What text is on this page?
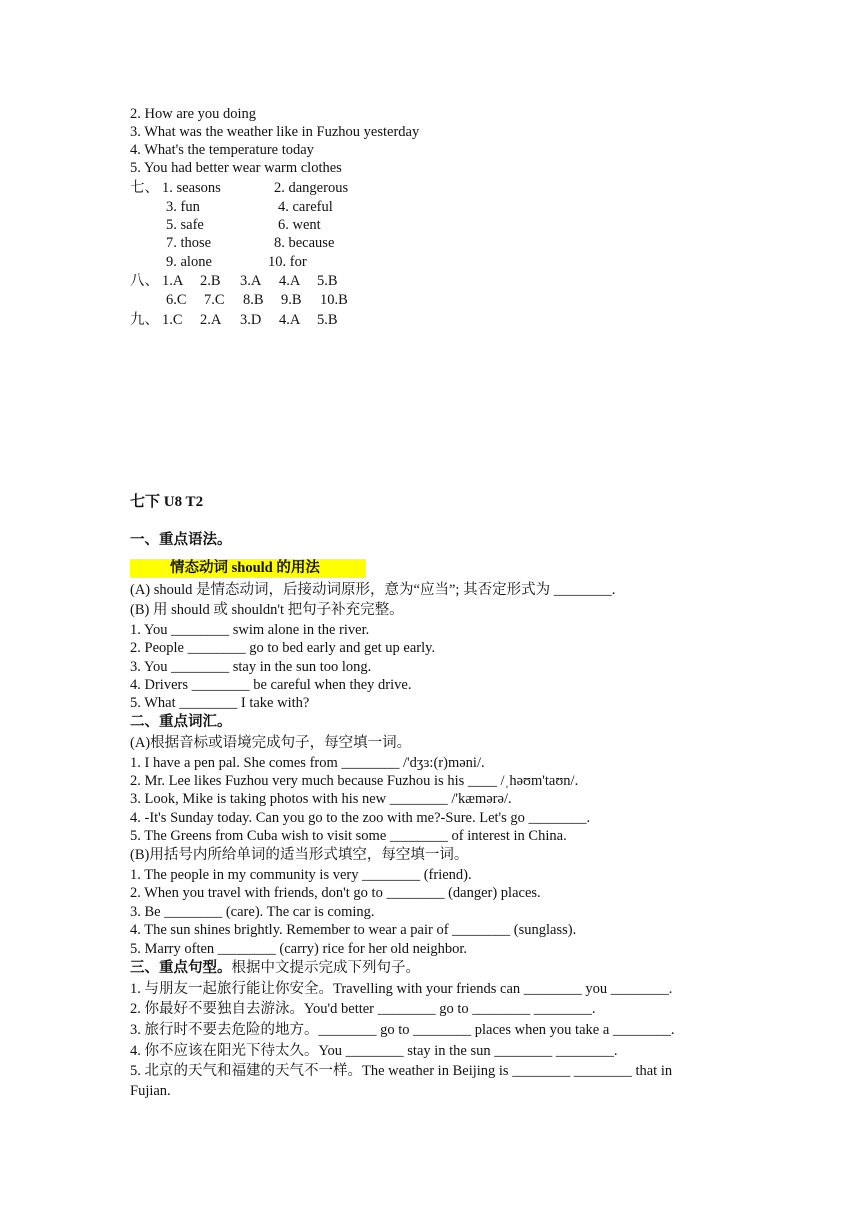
2. How are you doing
3. What was the weather like in Fuzhou yesterday
4. What's the temperature today
5. You had better wear warm clothes
七、 1. seasons	2. dangerous
3. fun	4. careful
5. safe	6. went
7. those	8. because
9. alone	10. for
八、 1.A 2.B 3.A 4.A 5.B
6.C 7.C 8.B 9.B 10.B
九、 1.C 2.A 3.D 4.A 5.B
七下 U8 T2
一、重点语法。
情态动词 should 的用法
(A) should 是情态动词，后接动词原形，意为“应当”; 其否定形式为 ________.
(B) 用 should 或 shouldn't 把句子补充完整。
1. You ________ swim alone in the river.
2. People ________ go to bed early and get up early.
3. You ________ stay in the sun too long.
4. Drivers ________ be careful when they drive.
5. What ________ I take with?
二、重点词汇。
(A)根据音标或语境完成句子，每空填一词。
1. I have a pen pal. She comes from ________ /'dʒɜ:(r)məni/.
2. Mr. Lee likes Fuzhou very much because Fuzhou is his ____ /ˌhəʊm'taʊn/.
3. Look, Mike is taking photos with his new ________ /'kæmərə/.
4. -It's Sunday today. Can you go to the zoo with me?-Sure. Let's go ________.
5. The Greens from Cuba wish to visit some ________ of interest in China.
(B)用括号内所给单词的适当形式填空，每空填一词。
1. The people in my community is very ________ (friend).
2. When you travel with friends, don't go to ________ (danger) places.
3. Be ________ (care). The car is coming.
4. The sun shines brightly. Remember to wear a pair of ________ (sunglass).
5. Marry often ________ (carry) rice for her old neighbor.
三、重点句型。根据中文提示完成下列句子。
1. 与朋友一起旅行能让你安全。Travelling with your friends can ________ you ________.
2. 你最好不要独自去游泳。You'd better ________ go to ________ ________.
3. 旅行时不要去危险的地方。________ go to ________ places when you take a ________.
4. 你不应该在阳光下待太久。You ________ stay in the sun ________ ________.
5. 北京的天气和福建的天气不一样。The weather in Beijing is ________ ________ that in
Fujian.
